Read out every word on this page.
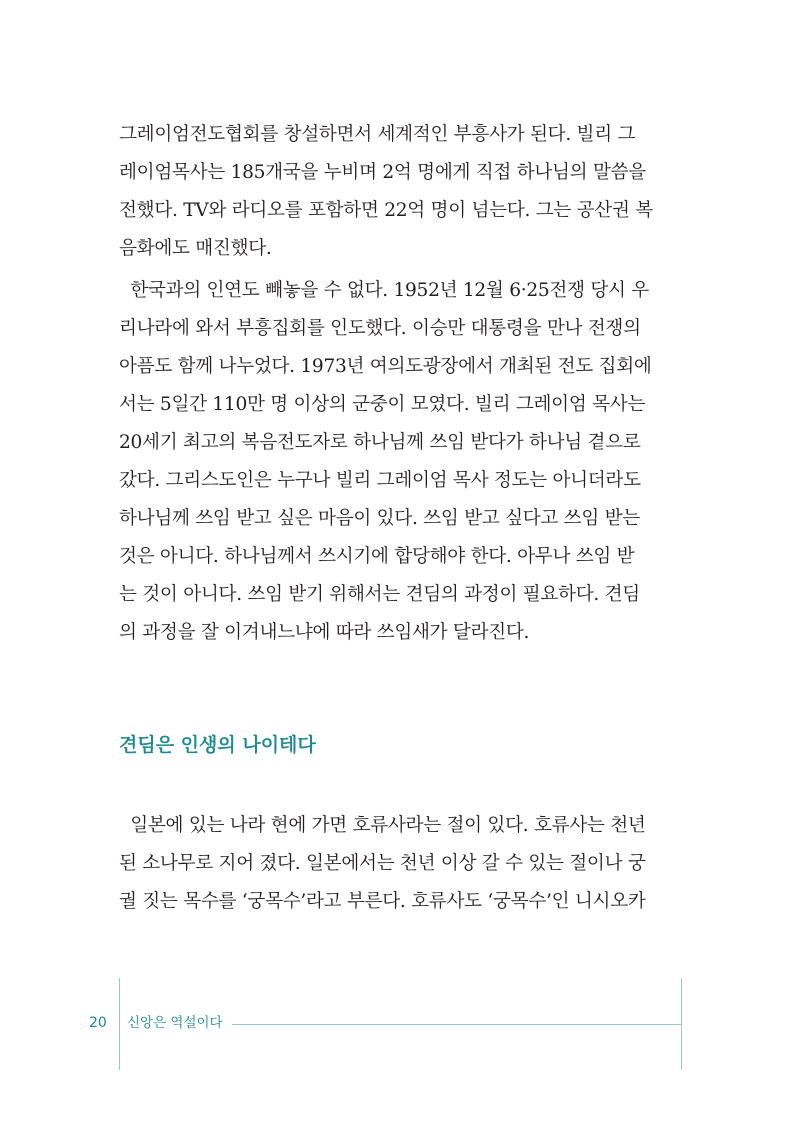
그레이엄전도협회를 창설하면서 세계적인 부흥사가 된다. 빌리 그
레이엄목사는 185개국을 누비며 2억 명에게 직접 하나님의 말씀을
전했다. TV와 라디오를 포함하면 22억 명이 넘는다. 그는 공산권 복
음화에도 매진했다.
한국과의 인연도 빼놓을 수 없다. 1952년 12월 6·25전쟁 당시 우
리나라에 와서 부흥집회를 인도했다. 이승만 대통령을 만나 전쟁의
아픔도 함께 나누었다. 1973년 여의도광장에서 개최된 전도 집회에
서는 5일간 110만 명 이상의 군중이 모였다. 빌리 그레이엄 목사는
20세기 최고의 복음전도자로 하나님께 쓰임 받다가 하나님 곁으로
갔다. 그리스도인은 누구나 빌리 그레이엄 목사 정도는 아니더라도
하나님께 쓰임 받고 싶은 마음이 있다. 쓰임 받고 싶다고 쓰임 받는
것은 아니다. 하나님께서 쓰시기에 합당해야 한다. 아무나 쓰임 받
는 것이 아니다. 쓰임 받기 위해서는 견딤의 과정이 필요하다. 견딤
의 과정을 잘 이겨내느냐에 따라 쓰임새가 달라진다.
견딤은 인생의 나이테다
일본에 있는 나라 현에 가면 호류사라는 절이 있다. 호류사는 천년
된 소나무로 지어 졌다. 일본에서는 천년 이상 갈 수 있는 절이나 궁
궐 짓는 목수를 ‘궁목수’라고 부른다. 호류사도 ‘궁목수’인 니시오카
20 신앙은 역설이다
